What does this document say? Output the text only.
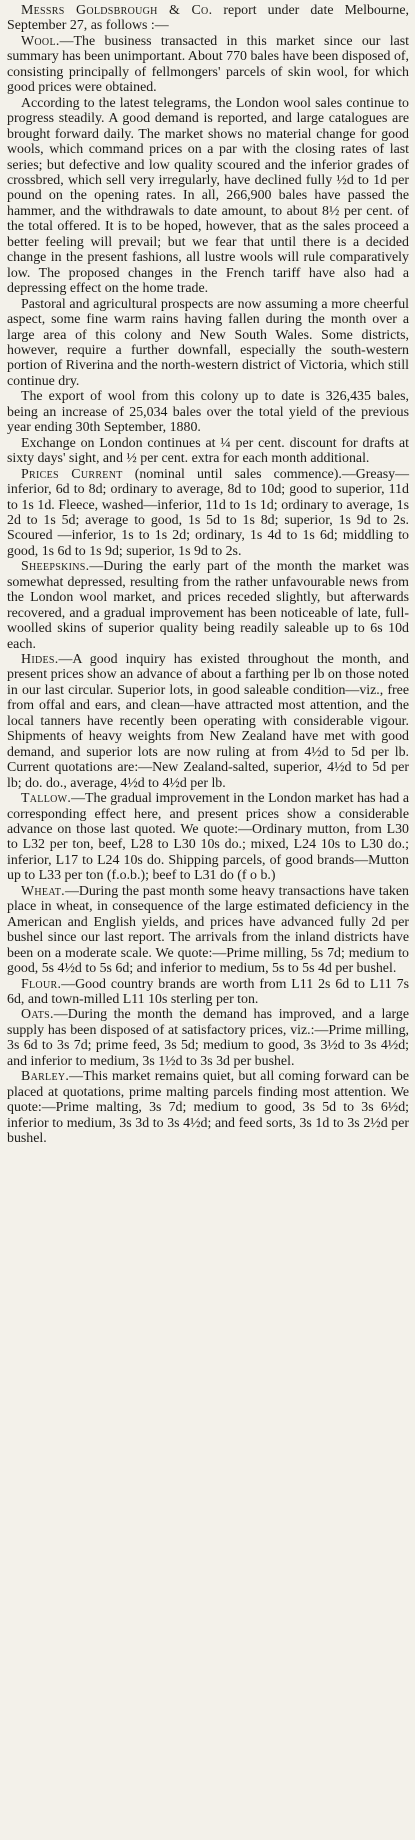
Messrs Goldsbrough & Co. report under date Melbourne, September 27, as follows :—

Wool.—The business transacted in this market since our last summary has been unimportant. About 770 bales have been disposed of, consisting principally of fellmongers' parcels of skin wool, for which good prices were obtained.

According to the latest telegrams, the London wool sales continue to progress steadily. A good demand is reported, and large catalogues are brought forward daily. The market shows no material change for good wools, which command prices on a par with the closing rates of last series; but defective and low quality scoured and the inferior grades of crossbred, which sell very irregularly, have declined fully ½d to 1d per pound on the opening rates. In all, 266,900 bales have passed the hammer, and the withdrawals to date amount, to about 8½ per cent. of the total offered. It is to be hoped, however, that as the sales proceed a better feeling will prevail; but we fear that until there is a decided change in the present fashions, all lustre wools will rule comparatively low. The proposed changes in the French tariff have also had a depressing effect on the home trade.

Pastoral and agricultural prospects are now assuming a more cheerful aspect, some fine warm rains having fallen during the month over a large area of this colony and New South Wales. Some districts, however, require a further downfall, especially the south-western portion of Riverina and the north-western district of Victoria, which still continue dry.

The export of wool from this colony up to date is 326,435 bales, being an increase of 25,034 bales over the total yield of the previous year ending 30th September, 1880.

Exchange on London continues at ¼ per cent. discount for drafts at sixty days' sight, and ½ per cent. extra for each month additional.

Prices Current (nominal until sales commence).—Greasy—inferior, 6d to 8d; ordinary to average, 8d to 10d; good to superior, 11d to 1s 1d. Fleece, washed—inferior, 11d to 1s 1d; ordinary to average, 1s 2d to 1s 5d; average to good, 1s 5d to 1s 8d; superior, 1s 9d to 2s. Scoured —inferior, 1s to 1s 2d; ordinary, 1s 4d to 1s 6d; middling to good, 1s 6d to 1s 9d; superior, 1s 9d to 2s.

Sheepskins.—During the early part of the month the market was somewhat depressed, resulting from the rather unfavourable news from the London wool market, and prices receded slightly, but afterwards recovered, and a gradual improvement has been noticeable of late, full-woolled skins of superior quality being readily saleable up to 6s 10d each.

Hides.—A good inquiry has existed throughout the month, and present prices show an advance of about a farthing per lb on those noted in our last circular. Superior lots, in good saleable condition—viz., free from offal and ears, and clean—have attracted most attention, and the local tanners have recently been operating with considerable vigour. Shipments of heavy weights from New Zealand have met with good demand, and superior lots are now ruling at from 4½d to 5d per lb. Current quotations are:—New Zealand-salted, superior, 4½d to 5d per lb; do. do., average, 4½d to 4½d per lb.

Tallow.—The gradual improvement in the London market has had a corresponding effect here, and present prices show a considerable advance on those last quoted. We quote:—Ordinary mutton, from L30 to L32 per ton, beef, L28 to L30 10s do.; mixed, L24 10s to L30 do.; inferior, L17 to L24 10s do. Shipping parcels, of good brands—Mutton up to L33 per ton (f.o.b.); beef to L31 do (f o b.)

Wheat.—During the past month some heavy transactions have taken place in wheat, in consequence of the large estimated deficiency in the American and English yields, and prices have advanced fully 2d per bushel since our last report. The arrivals from the inland districts have been on a moderate scale. We quote:—Prime milling, 5s 7d; medium to good, 5s 4½d to 5s 6d; and inferior to medium, 5s to 5s 4d per bushel.

Flour.—Good country brands are worth from L11 2s 6d to L11 7s 6d, and town-milled L11 10s sterling per ton.

Oats.—During the month the demand has improved, and a large supply has been disposed of at satisfactory prices, viz.:—Prime milling, 3s 6d to 3s 7d; prime feed, 3s 5d; medium to good, 3s 3½d to 3s 4½d; and inferior to medium, 3s 1½d to 3s 3d per bushel.

Barley.—This market remains quiet, but all coming forward can be placed at quotations, prime malting parcels finding most attention. We quote:—Prime malting, 3s 7d; medium to good, 3s 5d to 3s 6½d; inferior to medium, 3s 3d to 3s 4½d; and feed sorts, 3s 1d to 3s 2½d per bushel.
